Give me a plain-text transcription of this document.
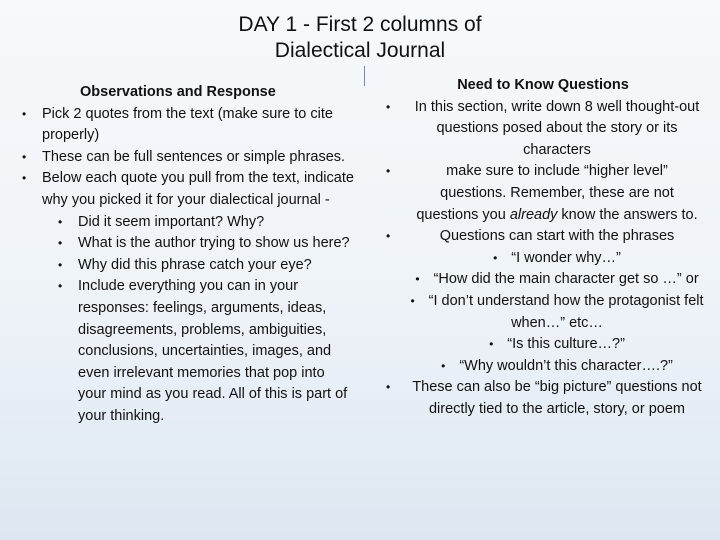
DAY 1 - First 2 columns of
Dialectical Journal
Observations and Response
• Pick 2 quotes from the text (make sure to cite properly)
• These can be full sentences or simple phrases.
• Below each quote you pull from the text, indicate why you picked it for your dialectical journal -
• Did it seem important? Why?
• What is the author trying to show us here?
• Why did this phrase catch your eye?
• Include everything you can in your responses: feelings, arguments, ideas, disagreements, problems, ambiguities, conclusions, uncertainties, images, and even irrelevant memories that pop into your mind as you read. All of this is part of your thinking.
Need to Know Questions
• In this section, write down 8 well thought-out questions posed about the story or its characters
•	make sure to include “higher level” questions. Remember, these are not questions you already know the answers to.
•	Questions can start with the phrases
• “I wonder why…”
• “How did the main character get so …” or
• “I don’t understand how the protagonist felt when…” etc…
• “Is this culture…?”
• “Why wouldn’t this character….?”
• These can also be “big picture” questions not directly tied to the article, story, or poem
